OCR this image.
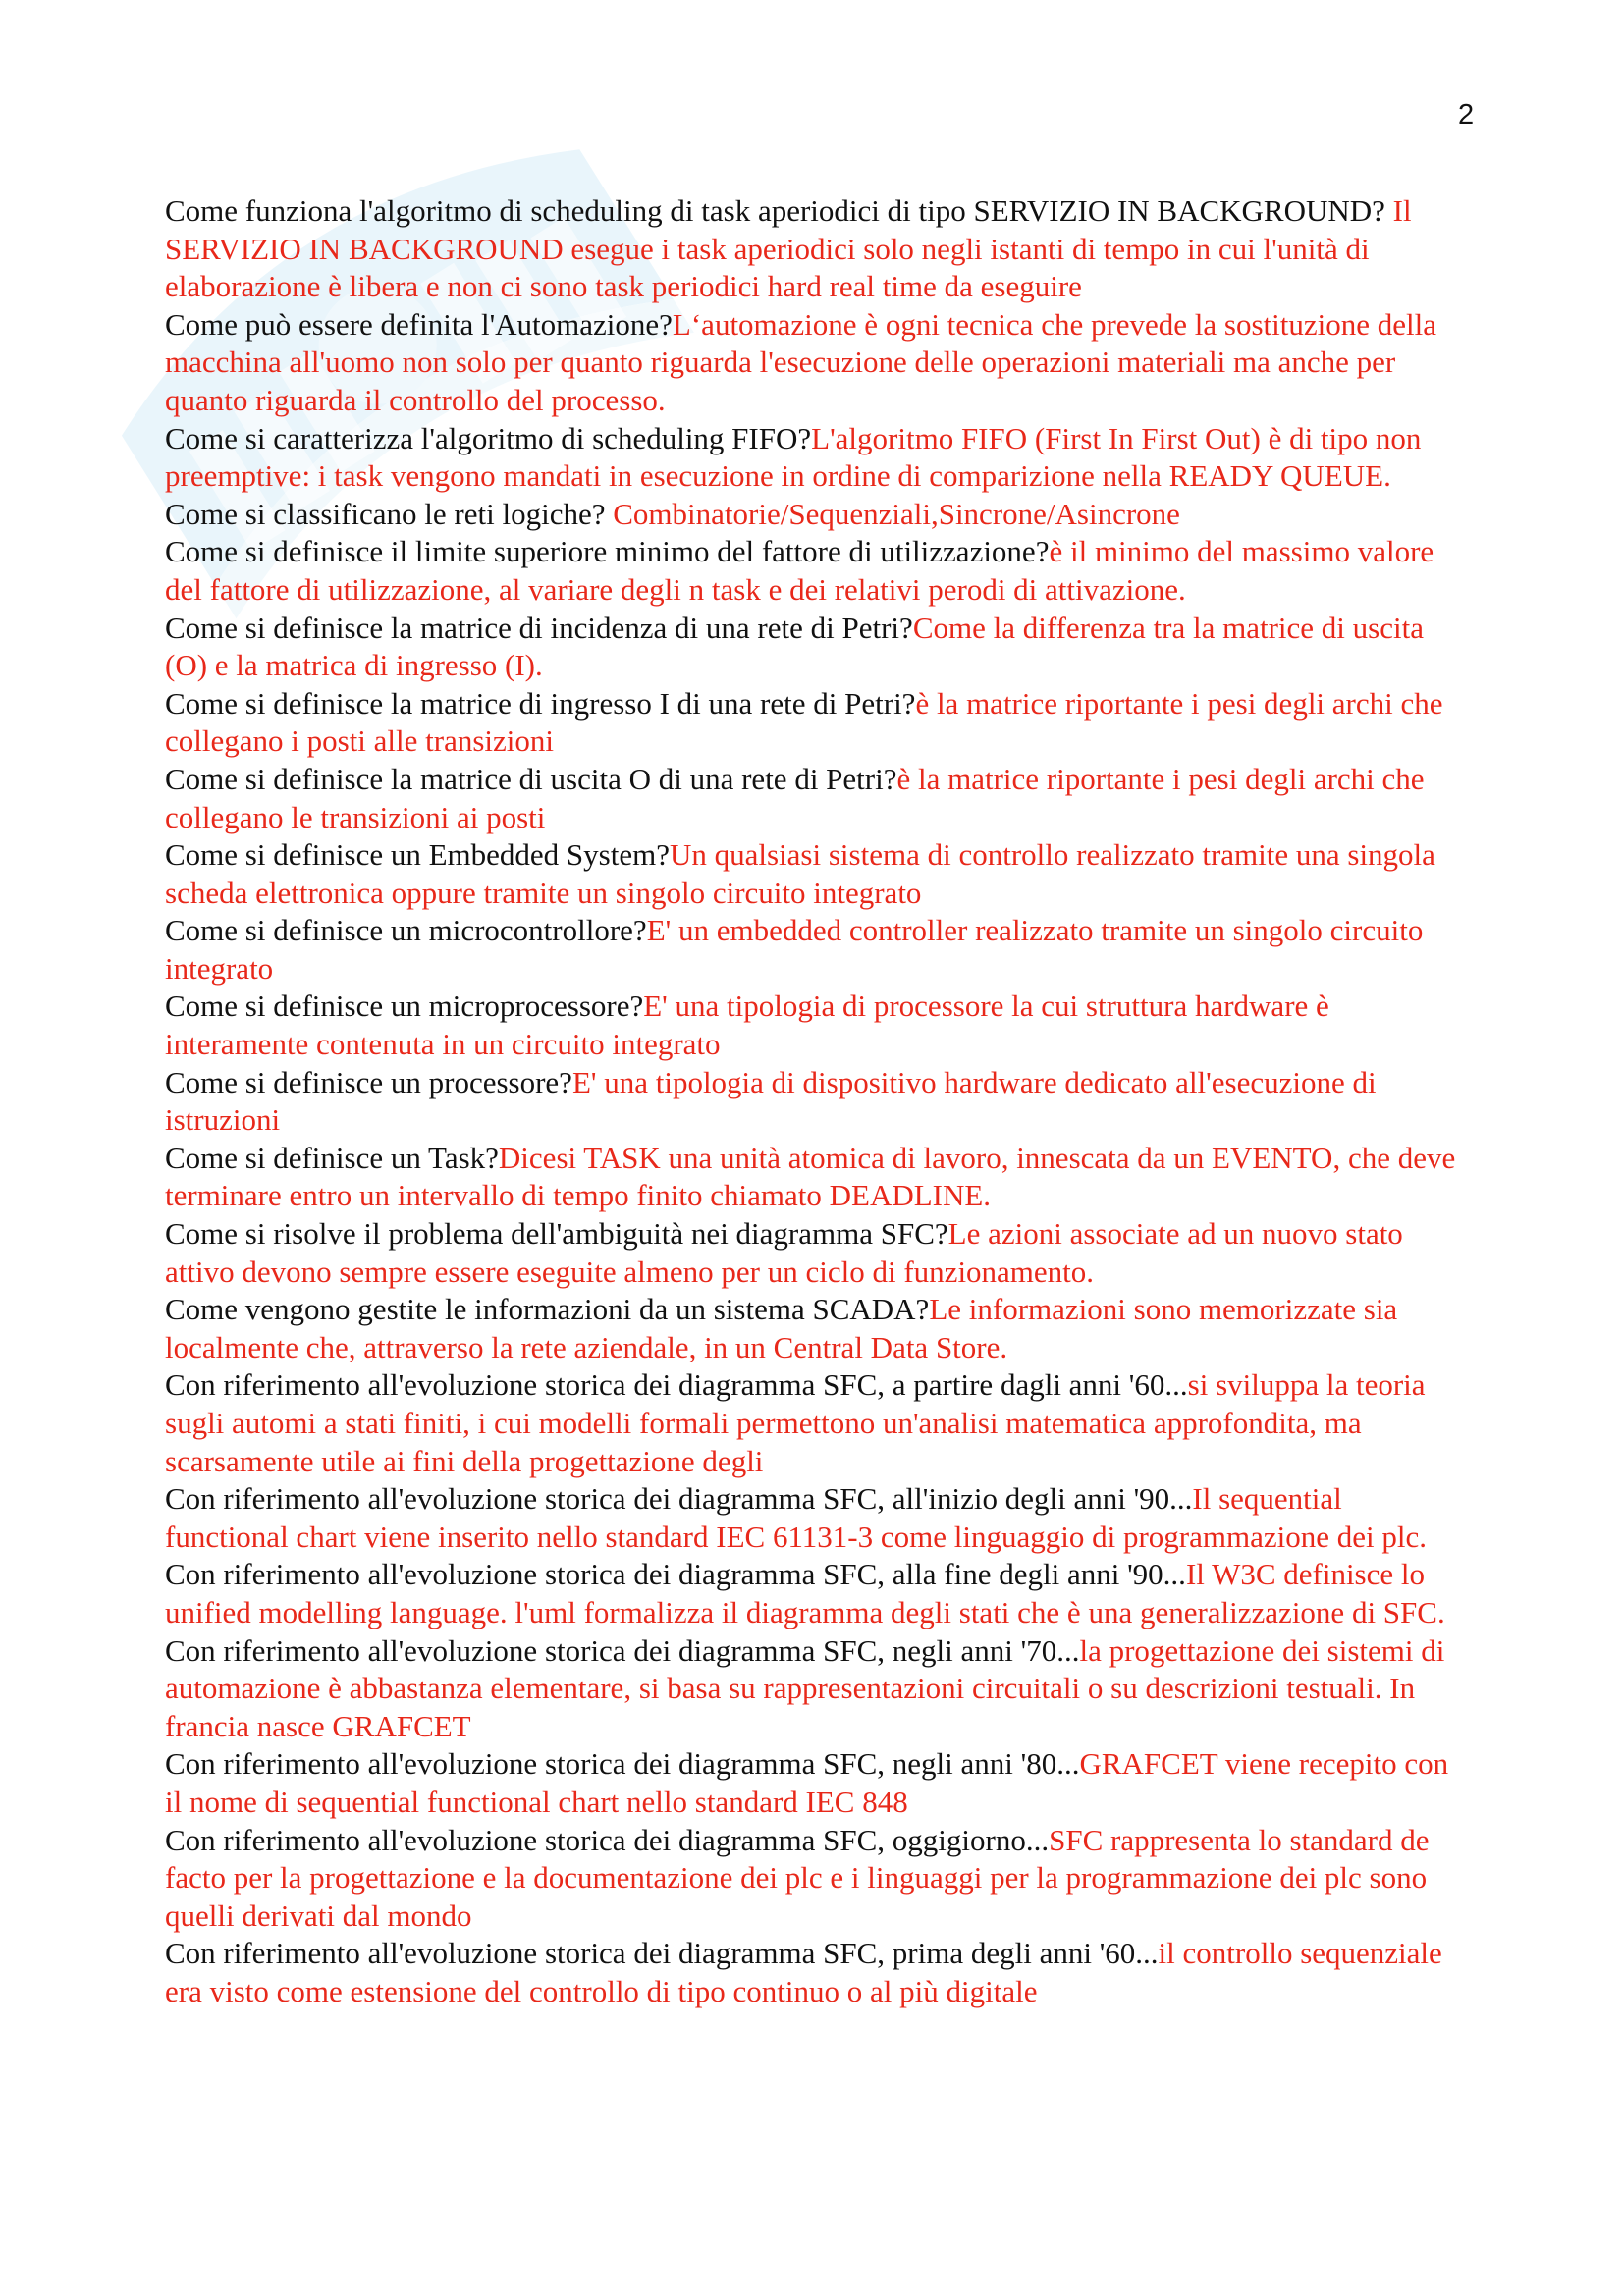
2

Come funziona l'algoritmo di scheduling di task aperiodici di tipo SERVIZIO IN BACKGROUND? Il SERVIZIO IN BACKGROUND esegue i task aperiodici solo negli istanti di tempo in cui l'unità di elaborazione è libera e non ci sono task periodici hard real time da eseguire

Come può essere definita l'Automazione?L‘automazione è ogni tecnica che prevede la sostituzione della macchina all'uomo non solo per quanto riguarda l'esecuzione delle operazioni materiali ma anche per quanto riguarda il controllo del processo.

Come si caratterizza l'algoritmo di scheduling FIFO?L'algoritmo FIFO (First In First Out) è di tipo non preemptive: i task vengono mandati in esecuzione in ordine di comparizione nella READY QUEUE.

Come si classificano le reti logiche? Combinatorie/Sequenziali,Sincrone/Asincrone

Come si definisce il limite superiore minimo del fattore di utilizzazione?è il minimo del massimo valore del fattore di utilizzazione, al variare degli n task e dei relativi perodi di attivazione.

Come si definisce la matrice di incidenza di una rete di Petri?Come la differenza tra la matrice di uscita (O) e la matrica di ingresso (I).

Come si definisce la matrice di ingresso I di una rete di Petri?è la matrice riportante i pesi degli archi che collegano i posti alle transizioni

Come si definisce la matrice di uscita O di una rete di Petri?è la matrice riportante i pesi degli archi che collegano le transizioni ai posti

Come si definisce un Embedded System?Un qualsiasi sistema di controllo realizzato tramite una singola scheda elettronica oppure tramite un singolo circuito integrato

Come si definisce un microcontrollore?E' un embedded controller realizzato tramite un singolo circuito integrato

Come si definisce un microprocessore?E' una tipologia di processore la cui struttura hardware è interamente contenuta in un circuito integrato

Come si definisce un processore?E' una tipologia di dispositivo hardware dedicato all'esecuzione di istruzioni

Come si definisce un Task?Dicesi TASK una unità atomica di lavoro, innescata da un EVENTO, che deve terminare entro un intervallo di tempo finito chiamato DEADLINE.

Come si risolve il problema dell'ambiguità nei diagramma SFC?Le azioni associate ad un nuovo stato attivo devono sempre essere eseguite almeno per un ciclo di funzionamento.

Come vengono gestite le informazioni da un sistema SCADA?Le informazioni sono memorizzate sia localmente che, attraverso la rete aziendale, in un Central Data Store.

Con riferimento all'evoluzione storica dei diagramma SFC, a partire dagli anni '60...si sviluppa la teoria sugli automi a stati finiti, i cui modelli formali permettono un'analisi matematica approfondita, ma scarsamente utile ai fini della progettazione degli

Con riferimento all'evoluzione storica dei diagramma SFC, all'inizio degli anni '90...Il sequential functional chart viene inserito nello standard IEC 61131-3 come linguaggio di programmazione dei plc.

Con riferimento all'evoluzione storica dei diagramma SFC, alla fine degli anni '90...Il W3C definisce lo unified modelling language. l'uml formalizza il diagramma degli stati che è una generalizzazione di SFC.

Con riferimento all'evoluzione storica dei diagramma SFC, negli anni '70...la progettazione dei sistemi di automazione è abbastanza elementare, si basa su rappresentazioni circuitali o su descrizioni testuali. In francia nasce GRAFCET

Con riferimento all'evoluzione storica dei diagramma SFC, negli anni '80...GRAFCET viene recepito con il nome di sequential functional chart nello standard IEC 848

Con riferimento all'evoluzione storica dei diagramma SFC, oggigiorno...SFC rappresenta lo standard de facto per la progettazione e la documentazione dei plc e i linguaggi per la programmazione dei plc sono quelli derivati dal mondo

Con riferimento all'evoluzione storica dei diagramma SFC, prima degli anni '60...il controllo sequenziale era visto come estensione del controllo di tipo continuo o al più digitale
